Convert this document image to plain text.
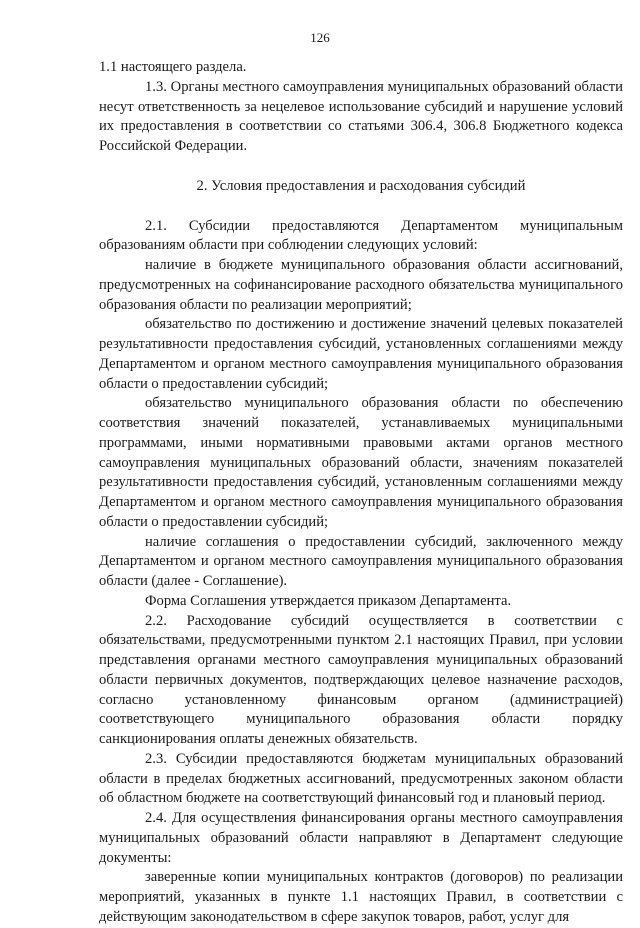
126

1.1 настоящего раздела.

1.3. Органы местного самоуправления муниципальных образований области несут ответственность за нецелевое использование субсидий и нарушение условий их предоставления в соответствии со статьями 306.4, 306.8 Бюджетного кодекса Российской Федерации.

2. Условия предоставления и расходования субсидий

2.1. Субсидии предоставляются Департаментом муниципальным образованиям области при соблюдении следующих условий:

наличие в бюджете муниципального образования области ассигнований, предусмотренных на софинансирование расходного обязательства муниципального образования области по реализации мероприятий;

обязательство по достижению и достижение значений целевых показателей результативности предоставления субсидий, установленных соглашениями между Департаментом и органом местного самоуправления муниципального образования области о предоставлении субсидий;

обязательство муниципального образования области по обеспечению соответствия значений показателей, устанавливаемых муниципальными программами, иными нормативными правовыми актами органов местного самоуправления муниципальных образований области, значениям показателей результативности предоставления субсидий, установленным соглашениями между Департаментом и органом местного самоуправления муниципального образования области о предоставлении субсидий;

наличие соглашения о предоставлении субсидий, заключенного между Департаментом и органом местного самоуправления муниципального образования области (далее - Соглашение).

Форма Соглашения утверждается приказом Департамента.

2.2. Расходование субсидий осуществляется в соответствии с обязательствами, предусмотренными пунктом 2.1 настоящих Правил, при условии представления органами местного самоуправления муниципальных образований области первичных документов, подтверждающих целевое назначение расходов, согласно установленному финансовым органом (администрацией) соответствующего муниципального образования области порядку санкционирования оплаты денежных обязательств.

2.3. Субсидии предоставляются бюджетам муниципальных образований области в пределах бюджетных ассигнований, предусмотренных законом области об областном бюджете на соответствующий финансовый год и плановый период.

2.4. Для осуществления финансирования органы местного самоуправления муниципальных образований области направляют в Департамент следующие документы:

заверенные копии муниципальных контрактов (договоров) по реализации мероприятий, указанных в пункте 1.1 настоящих Правил, в соответствии с действующим законодательством в сфере закупок товаров, работ, услуг для
